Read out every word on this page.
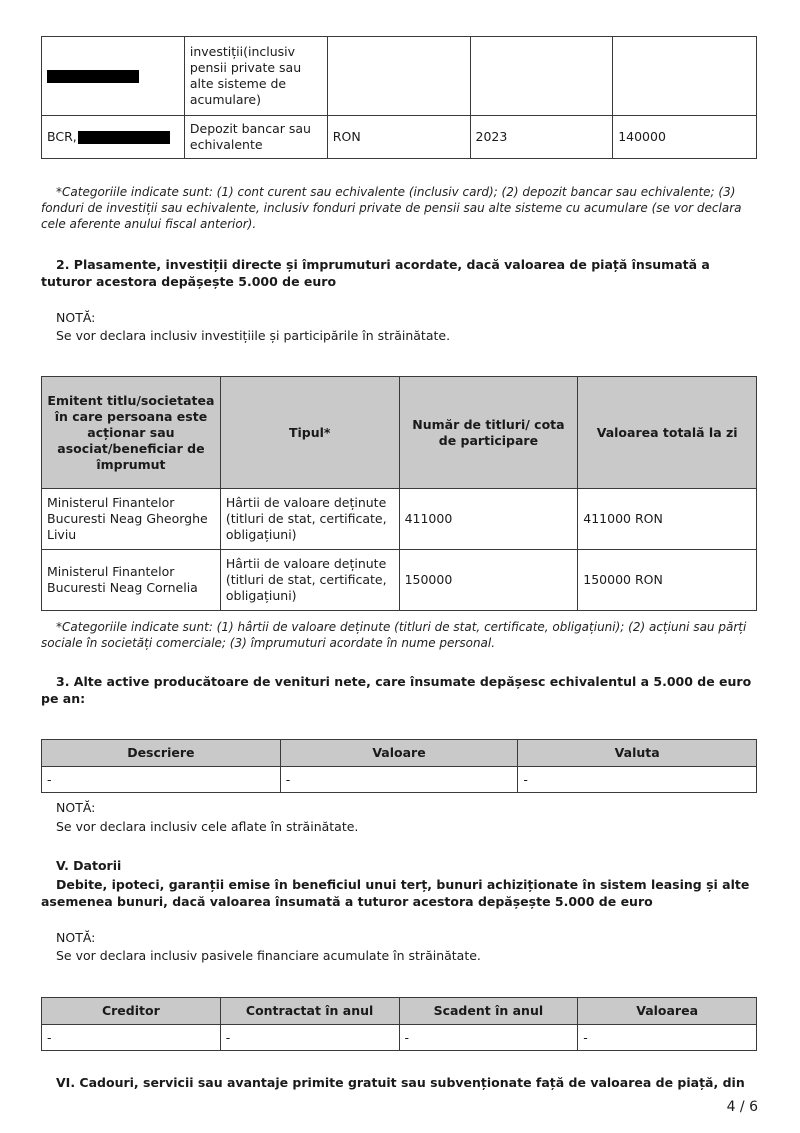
	investiții(inclusiv pensii private sau alte sisteme de acumulare)			
BCR,	Depozit bancar sau echivalente	RON	2023	140000
*Categoriile indicate sunt: (1) cont curent sau echivalente (inclusiv card); (2) depozit bancar sau echivalente; (3) fonduri de investiții sau echivalente, inclusiv fonduri private de pensii sau alte sisteme cu acumulare (se vor declara cele aferente anului fiscal anterior).
2. Plasamente, investiții directe și împrumuturi acordate, dacă valoarea de piață însumată a tuturor acestora depășește 5.000 de euro
NOTĂ:
Se vor declara inclusiv investițiile și participările în străinătate.
Emitent titlu/societatea în care persoana este acționar sau asociat/beneficiar de împrumut	Tipul*	Număr de titluri/ cota de participare	Valoarea totală la zi
Ministerul Finantelor Bucuresti Neag Gheorghe Liviu	Hârtii de valoare deținute (titluri de stat, certificate, obligațiuni)	411000	411000 RON
Ministerul Finantelor Bucuresti Neag Cornelia	Hârtii de valoare deținute (titluri de stat, certificate, obligațiuni)	150000	150000 RON
*Categoriile indicate sunt: (1) hârtii de valoare deținute (titluri de stat, certificate, obligațiuni); (2) acțiuni sau părți sociale în societăți comerciale; (3) împrumuturi acordate în nume personal.
3. Alte active producătoare de venituri nete, care însumate depășesc echivalentul a 5.000 de euro pe an:
Descriere	Valoare	Valuta
-	-	-
NOTĂ:
Se vor declara inclusiv cele aflate în străinătate.
V. Datorii
Debite, ipoteci, garanții emise în beneficiul unui terț, bunuri achiziționate în sistem leasing și alte asemenea bunuri, dacă valoarea însumată a tuturor acestora depășește 5.000 de euro
NOTĂ:
Se vor declara inclusiv pasivele financiare acumulate în străinătate.
Creditor	Contractat în anul	Scadent în anul	Valoarea
-	-	-	-
VI. Cadouri, servicii sau avantaje primite gratuit sau subvenționate față de valoarea de piață, din
4 / 6
